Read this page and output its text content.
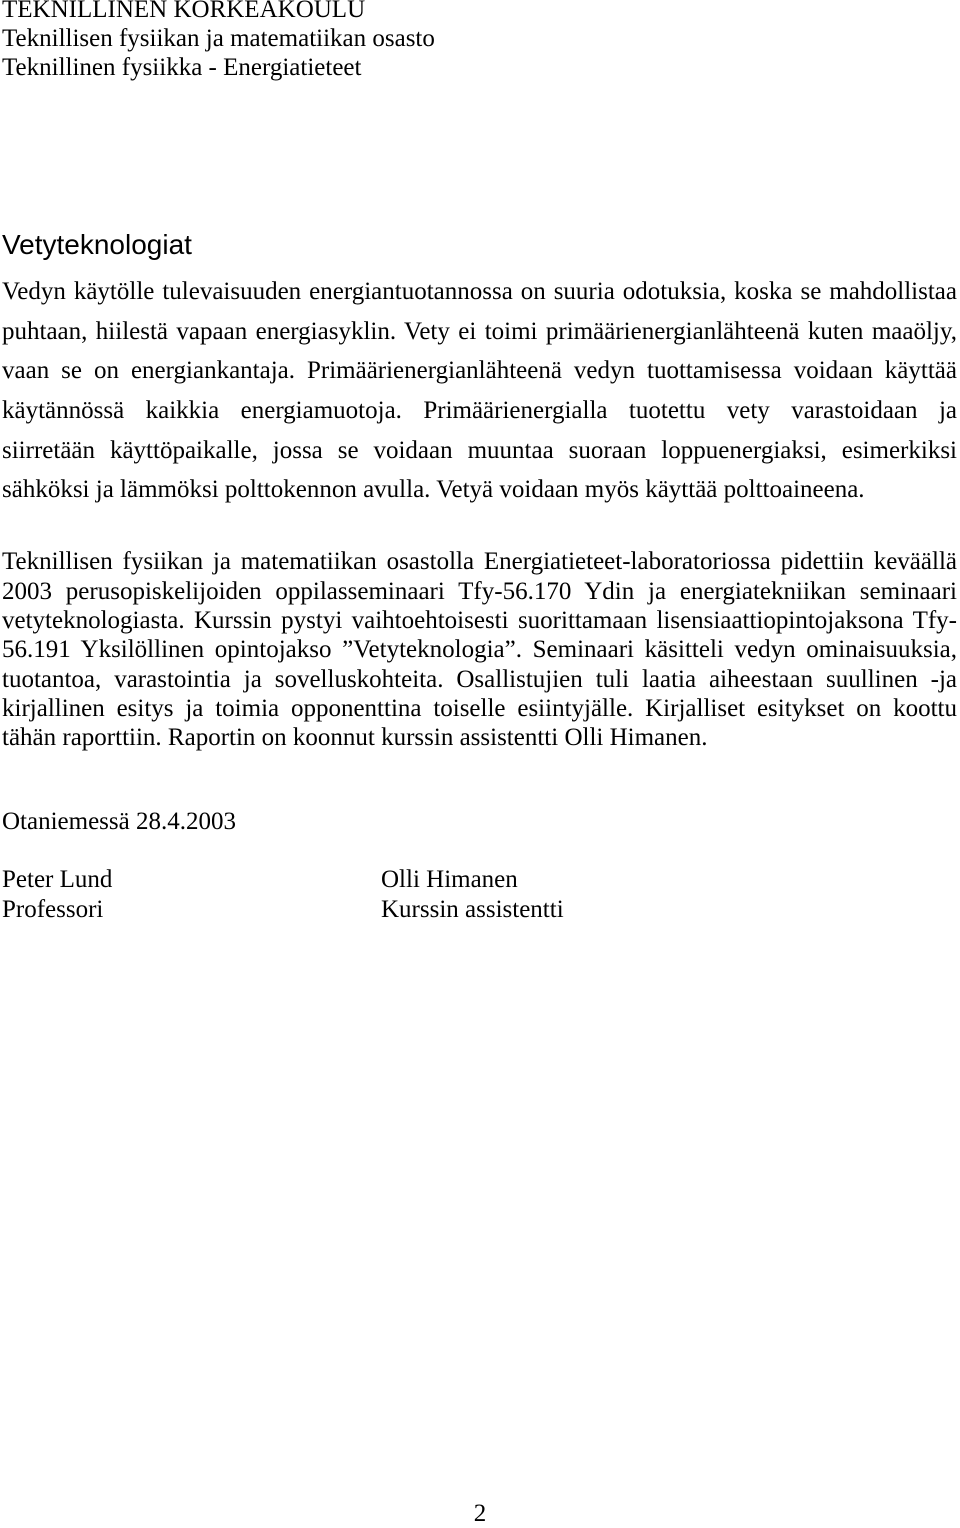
TEKNILLINEN KORKEAKOULU
Teknillisen fysiikan ja matematiikan osasto
Teknillinen fysiikka - Energiatieteet
Vetyteknologiat
Vedyn käytölle tulevaisuuden energiantuotannossa on suuria odotuksia, koska se mahdollistaa
puhtaan, hiilestä vapaan energiasyklin. Vety ei toimi primäärienergianlähteenä kuten maaöljy,
vaan se on energiankantaja. Primäärienergianlähteenä vedyn tuottamisessa voidaan käyttää
käytännössä kaikkia energiamuotoja. Primäärienergialla tuotettu vety varastoidaan ja
siirretään käyttöpaikalle, jossa se voidaan muuntaa suoraan loppuenergiaksi, esimerkiksi
sähköksi ja lämmöksi polttokennon avulla. Vetyä voidaan myös käyttää polttoaineena.
Teknillisen fysiikan ja matematiikan osastolla Energiatieteet-laboratoriossa pidettiin keväällä
2003 perusopiskelijoiden oppilasseminaari Tfy-56.170 Ydin ja energiatekniikan seminaari
vetyteknologiasta. Kurssin pystyi vaihtoehtoisesti suorittamaan lisensiaattiopintojaksona Tfy-
56.191 Yksilöllinen opintojakso ”Vetyteknologia”. Seminaari käsitteli vedyn ominaisuuksia,
tuotantoa, varastointia ja sovelluskohteita. Osallistujien tuli laatia aiheestaan suullinen -ja
kirjallinen esitys ja toimia opponenttina toiselle esiintyjälle. Kirjalliset esitykset on koottu
tähän raporttiin. Raportin on koonnut kurssin assistentti Olli Himanen.
Otaniemessä 28.4.2003
Peter Lund
Professori
Olli Himanen
Kurssin assistentti
2
